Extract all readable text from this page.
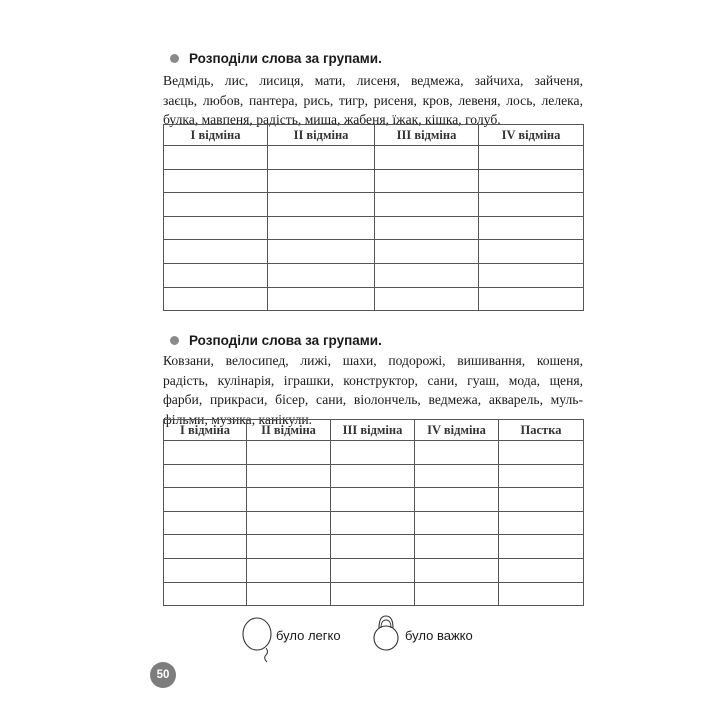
Розподіли слова за групами.
Ведмідь, лис, лисиця, мати, лисеня, ведмежа, зайчиха, зайченя,
заєць, любов, пантера, рись, тигр, рисеня, кров, левеня, лось, лелека,
булка, мавпеня, радість, миша, жабеня, їжак, кішка, голуб.
I відміна	II відміна	III відміна	IV відміна

Розподіли слова за групами.
Ковзани, велосипед, лижі, шахи, подорожі, вишивання, кошеня,
радість, кулінарія, іграшки, конструктор, сани, гуаш, мода, щеня,
фарби, прикраси, бісер, сани, віолончель, ведмежа, акварель, муль-
фільми, музика, канікули.
I відміна	II відміна	III відміна	IV відміна	Пастка

було легко	було важко
50
